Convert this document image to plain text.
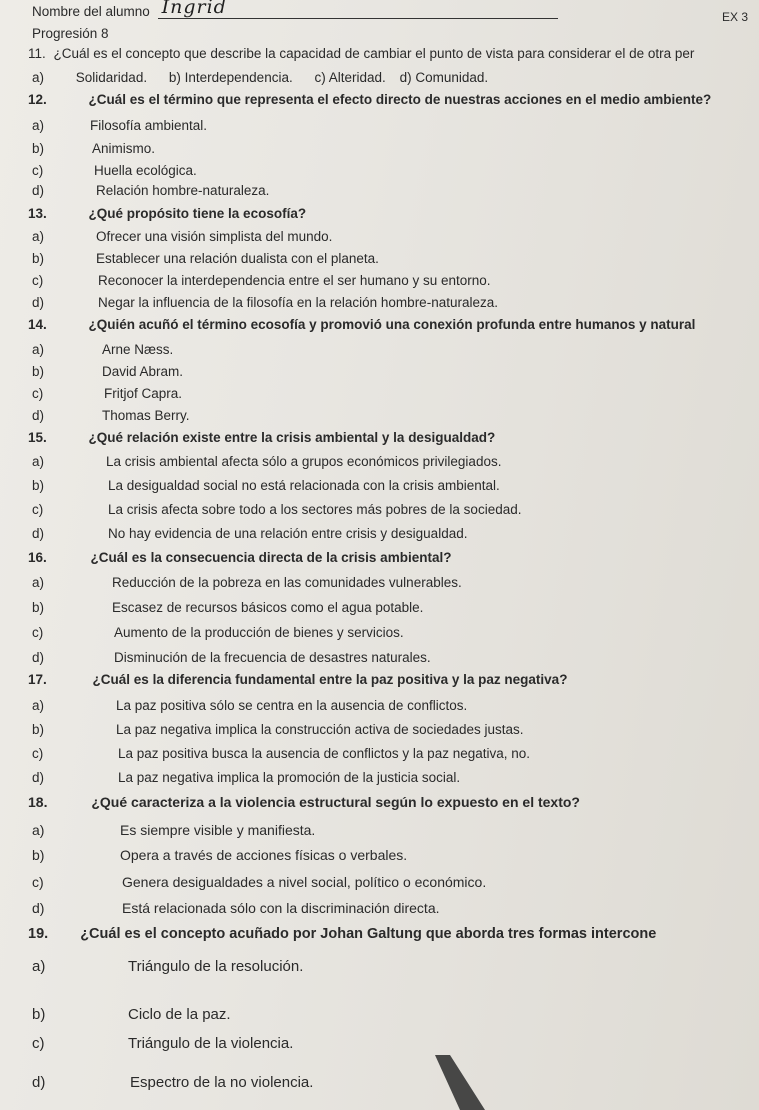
Nombre del alumno Ingrid	EX 3
Progresión 8
11. ¿Cuál es el concepto que describe la capacidad de cambiar el punto de vista para considerar el de otra per
a) Solidaridad. b) Interdependencia. c) Alteridad. d) Comunidad.
12.	¿Cuál es el término que representa el efecto directo de nuestras acciones en el medio ambiente?
a)	Filosofía ambiental.
b)	Animismo.
c)	Huella ecológica.
d)	Relación hombre-naturaleza.
13.	¿Qué propósito tiene la ecosofía?
a)	Ofrecer una visión simplista del mundo.
b)	Establecer una relación dualista con el planeta.
c)	Reconocer la interdependencia entre el ser humano y su entorno.
d)	Negar la influencia de la filosofía en la relación hombre-naturaleza.
14.	¿Quién acuñó el término ecosofía y promovió una conexión profunda entre humanos y natural
a)	Arne Næss.
b)	David Abram.
c)	Fritjof Capra.
d)	Thomas Berry.
15.	¿Qué relación existe entre la crisis ambiental y la desigualdad?
a)	La crisis ambiental afecta sólo a grupos económicos privilegiados.
b)	La desigualdad social no está relacionada con la crisis ambiental.
c)	La crisis afecta sobre todo a los sectores más pobres de la sociedad.
d)	No hay evidencia de una relación entre crisis y desigualdad.
16.	¿Cuál es la consecuencia directa de la crisis ambiental?
a)	Reducción de la pobreza en las comunidades vulnerables.
b)	Escasez de recursos básicos como el agua potable.
c)	Aumento de la producción de bienes y servicios.
d)	Disminución de la frecuencia de desastres naturales.
17.	¿Cuál es la diferencia fundamental entre la paz positiva y la paz negativa?
a)	La paz positiva sólo se centra en la ausencia de conflictos.
b)	La paz negativa implica la construcción activa de sociedades justas.
c)	La paz positiva busca la ausencia de conflictos y la paz negativa, no.
d)	La paz negativa implica la promoción de la justicia social.
18.	¿Qué caracteriza a la violencia estructural según lo expuesto en el texto?
a)	Es siempre visible y manifiesta.
b)	Opera a través de acciones físicas o verbales.
c)	Genera desigualdades a nivel social, político o económico.
d)	Está relacionada sólo con la discriminación directa.
19. ¿Cuál es el concepto acuñado por Johan Galtung que aborda tres formas intercone
a)	Triángulo de la resolución.
b)	Ciclo de la paz.
c)	Triángulo de la violencia.
d)	Espectro de la no violencia.
